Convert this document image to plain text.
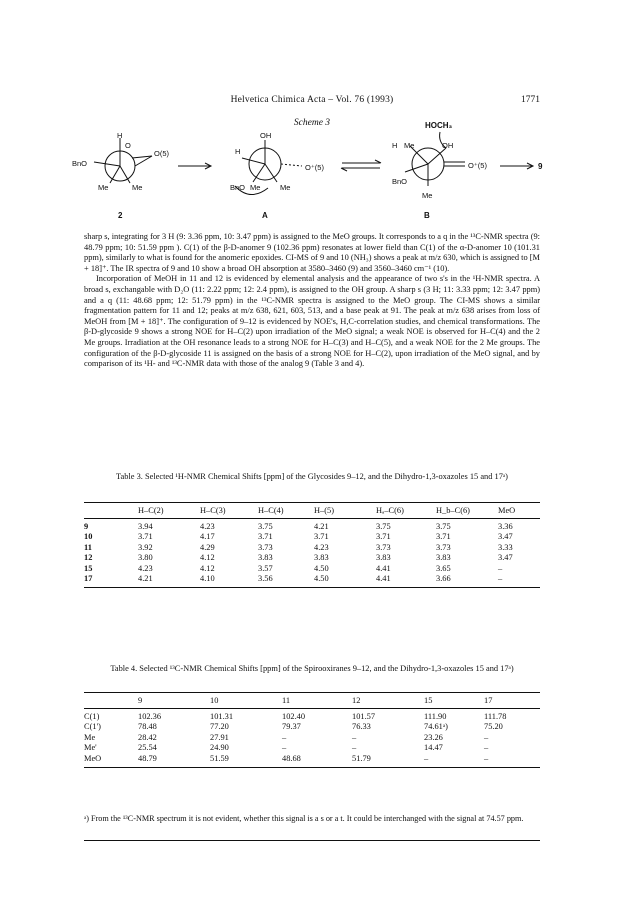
Helvetica Chimica Acta – Vol. 76 (1993)	1771
Scheme 3
H
O
BnO
O(5)
Me	Me
2
OH
H
O⁺(5)
BnO Me	Me
A
HOCH₃
H Me	OH
O⁺(5)
BnO
Me
B
9

sharp s, integrating for 3 H (9: 3.36 ppm, 10: 3.47 ppm) is assigned to the MeO groups. It corresponds to a q in the ¹³C-NMR spectra (9: 48.79 ppm; 10: 51.59 ppm ). C(1) of the β-D-anomer 9 (102.36 ppm) resonates at lower field than C(1) of the α-D-anomer 10 (101.31 ppm), similarly to what is found for the anomeric epoxides. CI-MS of 9 and 10 (NH₃) shows a peak at m/z 630, which is assigned to [M + 18]⁺. The IR spectra of 9 and 10 show a broad OH absorption at 3580–3460 (9) and 3560–3460 cm⁻¹ (10).

Incorporation of MeOH in 11 and 12 is evidenced by elemental analysis and the appearance of two s's in the ¹H-NMR spectra. A broad s, exchangable with D₂O (11: 2.22 ppm; 12: 2.4 ppm), is assigned to the OH group. A sharp s (3 H; 11: 3.33 ppm; 12: 3.47 ppm) and a q (11: 48.68 ppm; 12: 51.79 ppm) in the ¹³C-NMR spectra is assigned to the MeO group. The CI-MS shows a similar fragmentation pattern for 11 and 12; peaks at m/z 638, 621, 603, 513, and a base peak at 91. The peak at m/z 638 arises from loss of MeOH from [M + 18]⁺. The configuration of 9–12 is evidenced by NOE's, H,C-correlation studies, and chemical transformations. The β-D-glycoside 9 shows a strong NOE for H–C(2) upon irradiation of the MeO signal; a weak NOE is observed for H–C(4) and the 2 Me groups. Irradiation at the OH resonance leads to a strong NOE for H–C(3) and H–C(5), and a weak NOE for the 2 Me groups. The configuration of the β-D-glycoside 11 is assigned on the basis of a strong NOE for H–C(2), upon irradiation of the MeO signal, and by comparison of its ¹H- and ¹³C-NMR data with those of the analog 9 (Table 3 and 4).

Table 3. Selected ¹H-NMR Chemical Shifts [ppm] of the Glycosides 9–12, and the Dihydro-1,3-oxazoles 15 and 17ᵃ)
	H–C(2)	H–C(3)	H–C(4)	H–(5)	Hₐ–C(6)	H_b–C(6)	MeO
9	3.94	4.23	3.75	4.21	3.75	3.75	3.36
10	3.71	4.17	3.71	3.71	3.71	3.71	3.47
11	3.92	4.29	3.73	4.23	3.73	3.73	3.33
12	3.80	4.12	3.83	3.83	3.83	3.83	3.47
15	4.23	4.12	3.57	4.50	4.41	3.65	–
17	4.21	4.10	3.56	4.50	4.41	3.66	–
Table 4. Selected ¹³C-NMR Chemical Shifts [ppm] of the Spirooxiranes 9–12, and the Dihydro-1,3-oxazoles 15 and 17ᵃ)
	9	10	11	12	15	17
C(1)	102.36	101.31	102.40	101.57	111.90	111.78
C(1')	78.48	77.20	79.37	76.33	74.61ᵃ)	75.20
Me	28.42	27.91	–	–	23.26	–
Me'	25.54	24.90	–	–	14.47	–
MeO	48.79	51.59	48.68	51.79	–	–
ᵃ) From the ¹³C-NMR spectrum it is not evident, whether this signal is a s or a t. It could be interchanged with the signal at 74.57 ppm.
